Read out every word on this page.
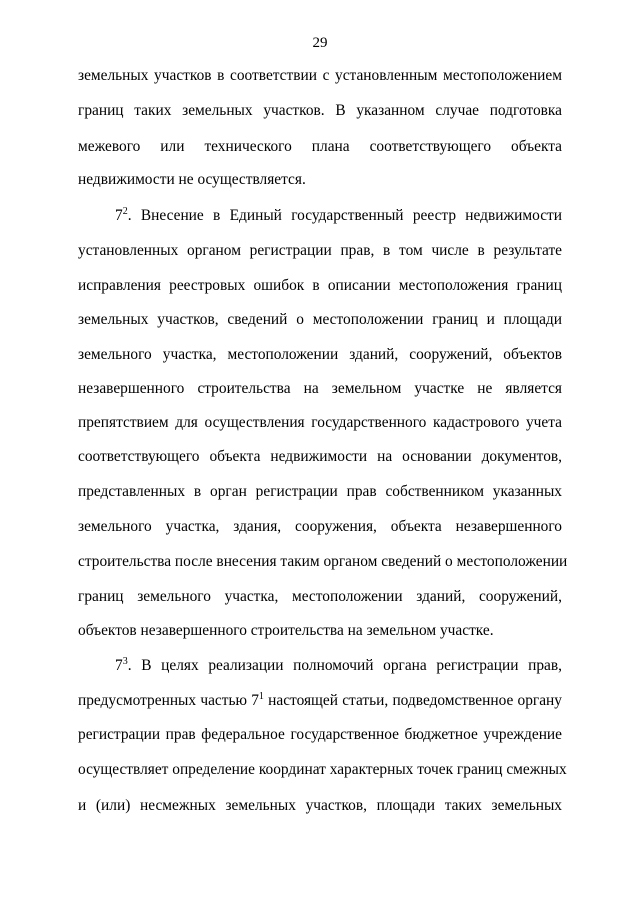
29
земельных участков в соответствии с установленным местоположением
границ таких земельных участков. В указанном случае подготовка
межевого или технического плана соответствующего объекта
недвижимости не осуществляется.
$7^2$. Внесение в Единый государственный реестр недвижимости
установленных органом регистрации прав, в том числе в результате
исправления реестровых ошибок в описании местоположения границ
земельных участков, сведений о местоположении границ и площади
земельного участка, местоположении зданий, сооружений, объектов
незавершенного строительства на земельном участке не является
препятствием для осуществления государственного кадастрового учета
соответствующего объекта недвижимости на основании документов,
представленных в орган регистрации прав собственником указанных
земельного участка, здания, сооружения, объекта незавершенного
строительства после внесения таким органом сведений о местоположении
границ земельного участка, местоположении зданий, сооружений,
объектов незавершенного строительства на земельном участке.
$7^3$. В целях реализации полномочий органа регистрации прав,
предусмотренных частью $7^1$ настоящей статьи, подведомственное органу
регистрации прав федеральное государственное бюджетное учреждение
осуществляет определение координат характерных точек границ смежных
и (или) несмежных земельных участков, площади таких земельных
